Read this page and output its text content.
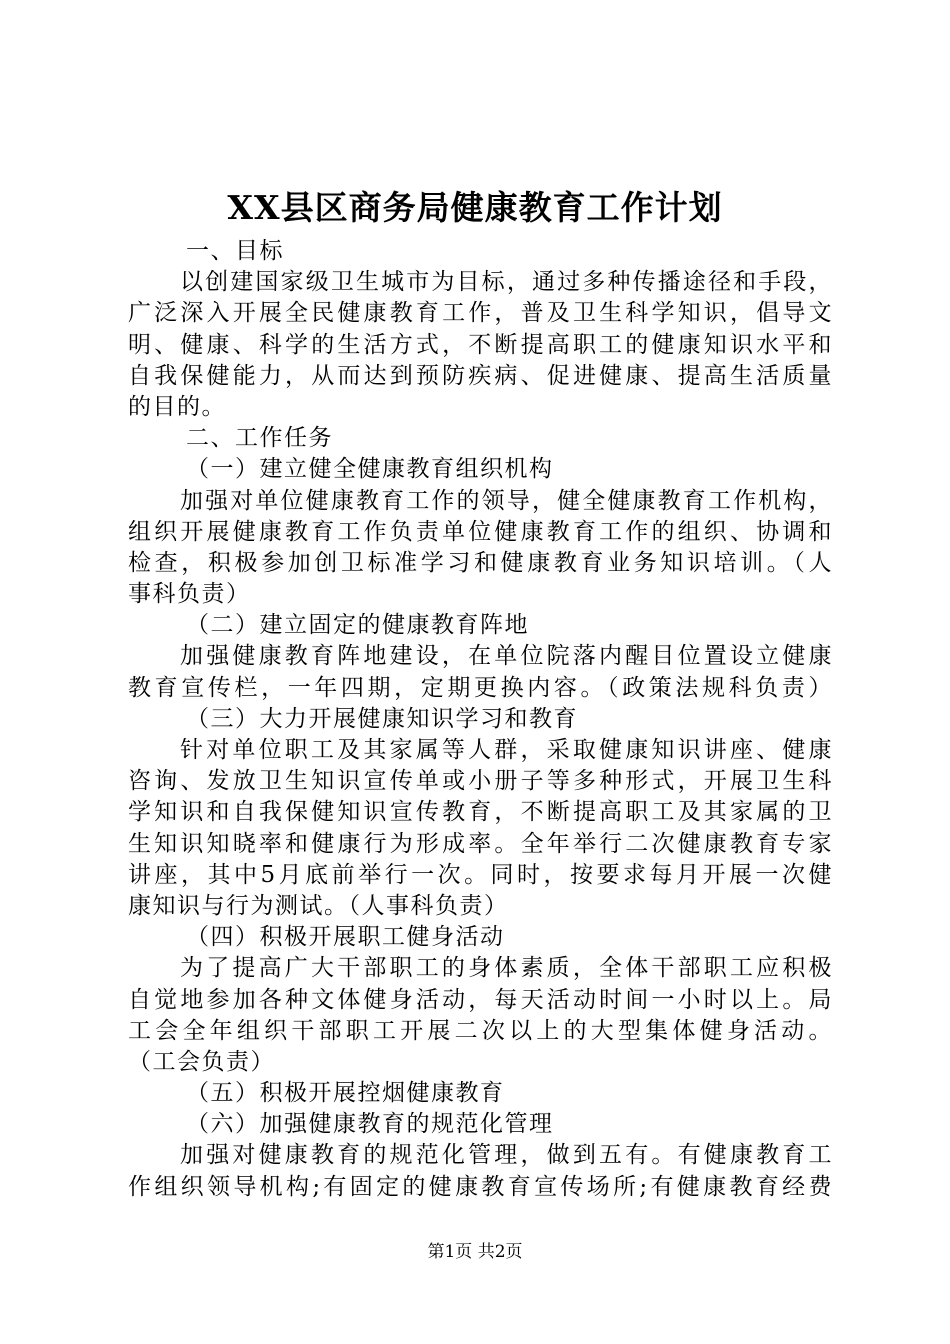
XX县区商务局健康教育工作计划
一、目标
以创建国家级卫生城市为目标，通过多种传播途径和手段，
广泛深入开展全民健康教育工作，普及卫生科学知识，倡导文
明、健康、科学的生活方式，不断提高职工的健康知识水平和
自我保健能力，从而达到预防疾病、促进健康、提高生活质量
的目的。
二、工作任务
（一）建立健全健康教育组织机构
加强对单位健康教育工作的领导，健全健康教育工作机构，
组织开展健康教育工作负责单位健康教育工作的组织、协调和
检查，积极参加创卫标准学习和健康教育业务知识培训。（人
事科负责）
（二）建立固定的健康教育阵地
加强健康教育阵地建设，在单位院落内醒目位置设立健康
教育宣传栏，一年四期，定期更换内容。（政策法规科负责）
（三）大力开展健康知识学习和教育
针对单位职工及其家属等人群，采取健康知识讲座、健康
咨询、发放卫生知识宣传单或小册子等多种形式，开展卫生科
学知识和自我保健知识宣传教育，不断提高职工及其家属的卫
生知识知晓率和健康行为形成率。全年举行二次健康教育专家
讲座，其中5月底前举行一次。同时，按要求每月开展一次健
康知识与行为测试。（人事科负责）
（四）积极开展职工健身活动
为了提高广大干部职工的身体素质，全体干部职工应积极
自觉地参加各种文体健身活动，每天活动时间一小时以上。局
工会全年组织干部职工开展二次以上的大型集体健身活动。
（工会负责）
（五）积极开展控烟健康教育
（六）加强健康教育的规范化管理
加强对健康教育的规范化管理，做到五有。有健康教育工
作组织领导机构;有固定的健康教育宣传场所;有健康教育经费
第1页 共2页
